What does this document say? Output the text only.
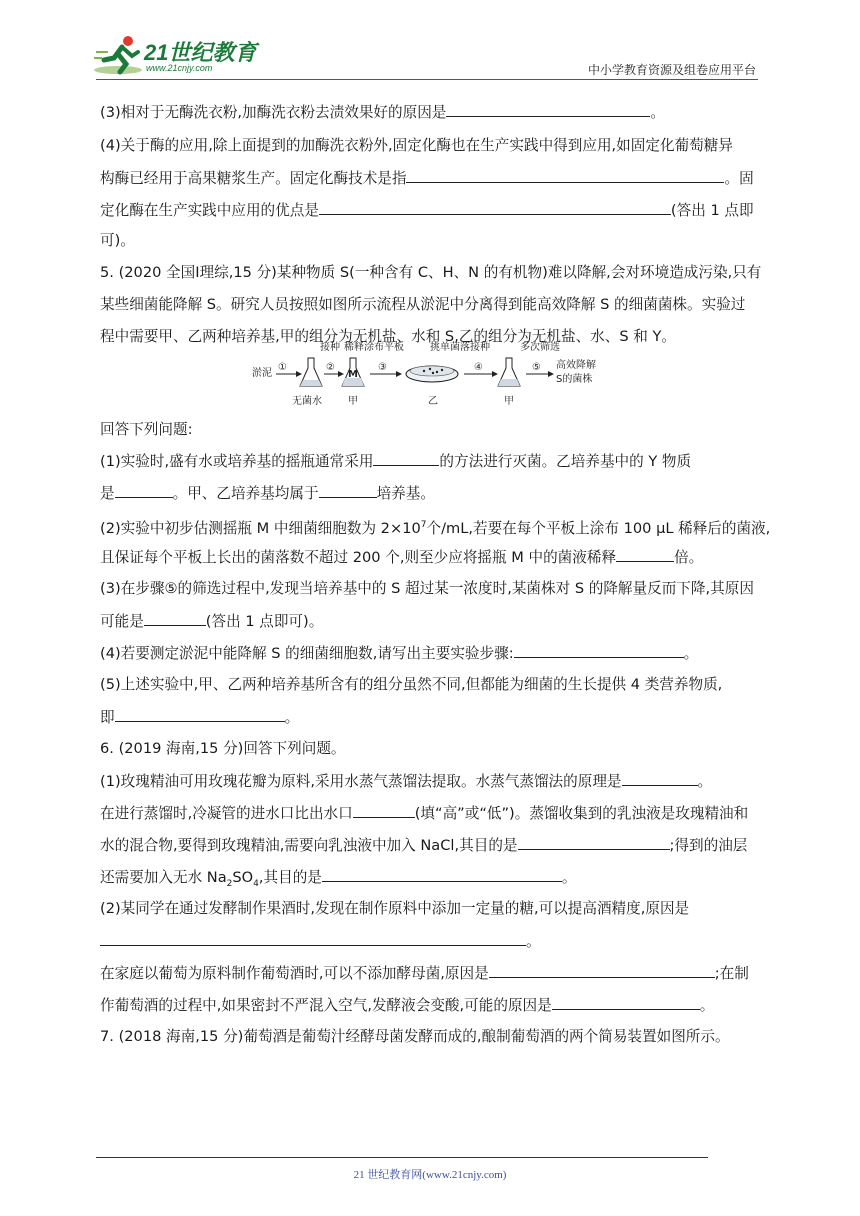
21世纪教育
www.21cnjy.com	中小学教育资源及组卷应用平台
(3)相对于无酶洗衣粉,加酶洗衣粉去渍效果好的原因是	。
(4)关于酶的应用,除上面提到的加酶洗衣粉外,固定化酶也在生产实践中得到应用,如固定化葡萄糖异
构酶已经用于高果糖浆生产。固定化酶技术是指	。固
定化酶在生产实践中应用的优点是	(答出 1 点即
可)。
5. (2020 全国Ⅰ理综,15 分)某种物质 S(一种含有 C、H、N 的有机物)难以降解,会对环境造成污染,只有
某些细菌能降解 S。研究人员按照如图所示流程从淤泥中分离得到能高效降解 S 的细菌菌株。实验过
程中需要甲、乙两种培养基,甲的组分为无机盐、水和 S,乙的组分为无机盐、水、S 和 Y。
回答下列问题:
(1)实验时,盛有水或培养基的摇瓶通常采用	的方法进行灭菌。乙培养基中的 Y 物质
是	。甲、乙培养基均属于	培养基。
(2)实验中初步估测摇瓶 M 中细菌细胞数为 $2\times 10^7$个/mL,若要在每个平板上涂布 100 μL 稀释后的菌液,
且保证每个平板上长出的菌落数不超过 200 个,则至少应将摇瓶 M 中的菌液稀释	倍。
(3)在步骤⑤的筛选过程中,发现当培养基中的 S 超过某一浓度时,某菌株对 S 的降解量反而下降,其原因
可能是	(答出 1 点即可)。
(4)若要测定淤泥中能降解 S 的细菌细胞数,请写出主要实验步骤:	。
(5)上述实验中,甲、乙两种培养基所含有的组分虽然不同,但都能为细菌的生长提供 4 类营养物质,
即	。
6. (2019 海南,15 分)回答下列问题。
(1)玫瑰精油可用玫瑰花瓣为原料,采用水蒸气蒸馏法提取。水蒸气蒸馏法的原理是	。
在进行蒸馏时,冷凝管的进水口比出水口	(填“高”或“低”)。蒸馏收集到的乳浊液是玫瑰精油和
水的混合物,要得到玫瑰精油,需要向乳浊液中加入 NaCl,其目的是	;得到的油层
还需要加入无水 $Na_2SO_4$,其目的是	。
(2)某同学在通过发酵制作果酒时,发现在制作原料中添加一定量的糖,可以提高酒精度,原因是
。
在家庭以葡萄为原料制作葡萄酒时,可以不添加酵母菌,原因是	;在制
作葡萄酒的过程中,如果密封不严混入空气,发酵液会变酸,可能的原因是	。
7. (2018 海南,15 分)葡萄酒是葡萄汁经酵母菌发酵而成的,酿制葡萄酒的两个简易装置如图所示。
淤泥
①
无菌水
接种
②
M
甲
稀释涂布平板
③
乙
挑单菌落接种
④
甲
多次筛选
⑤ 高效降解
S的菌株
21 世纪教育网(www.21cnjy.com)
